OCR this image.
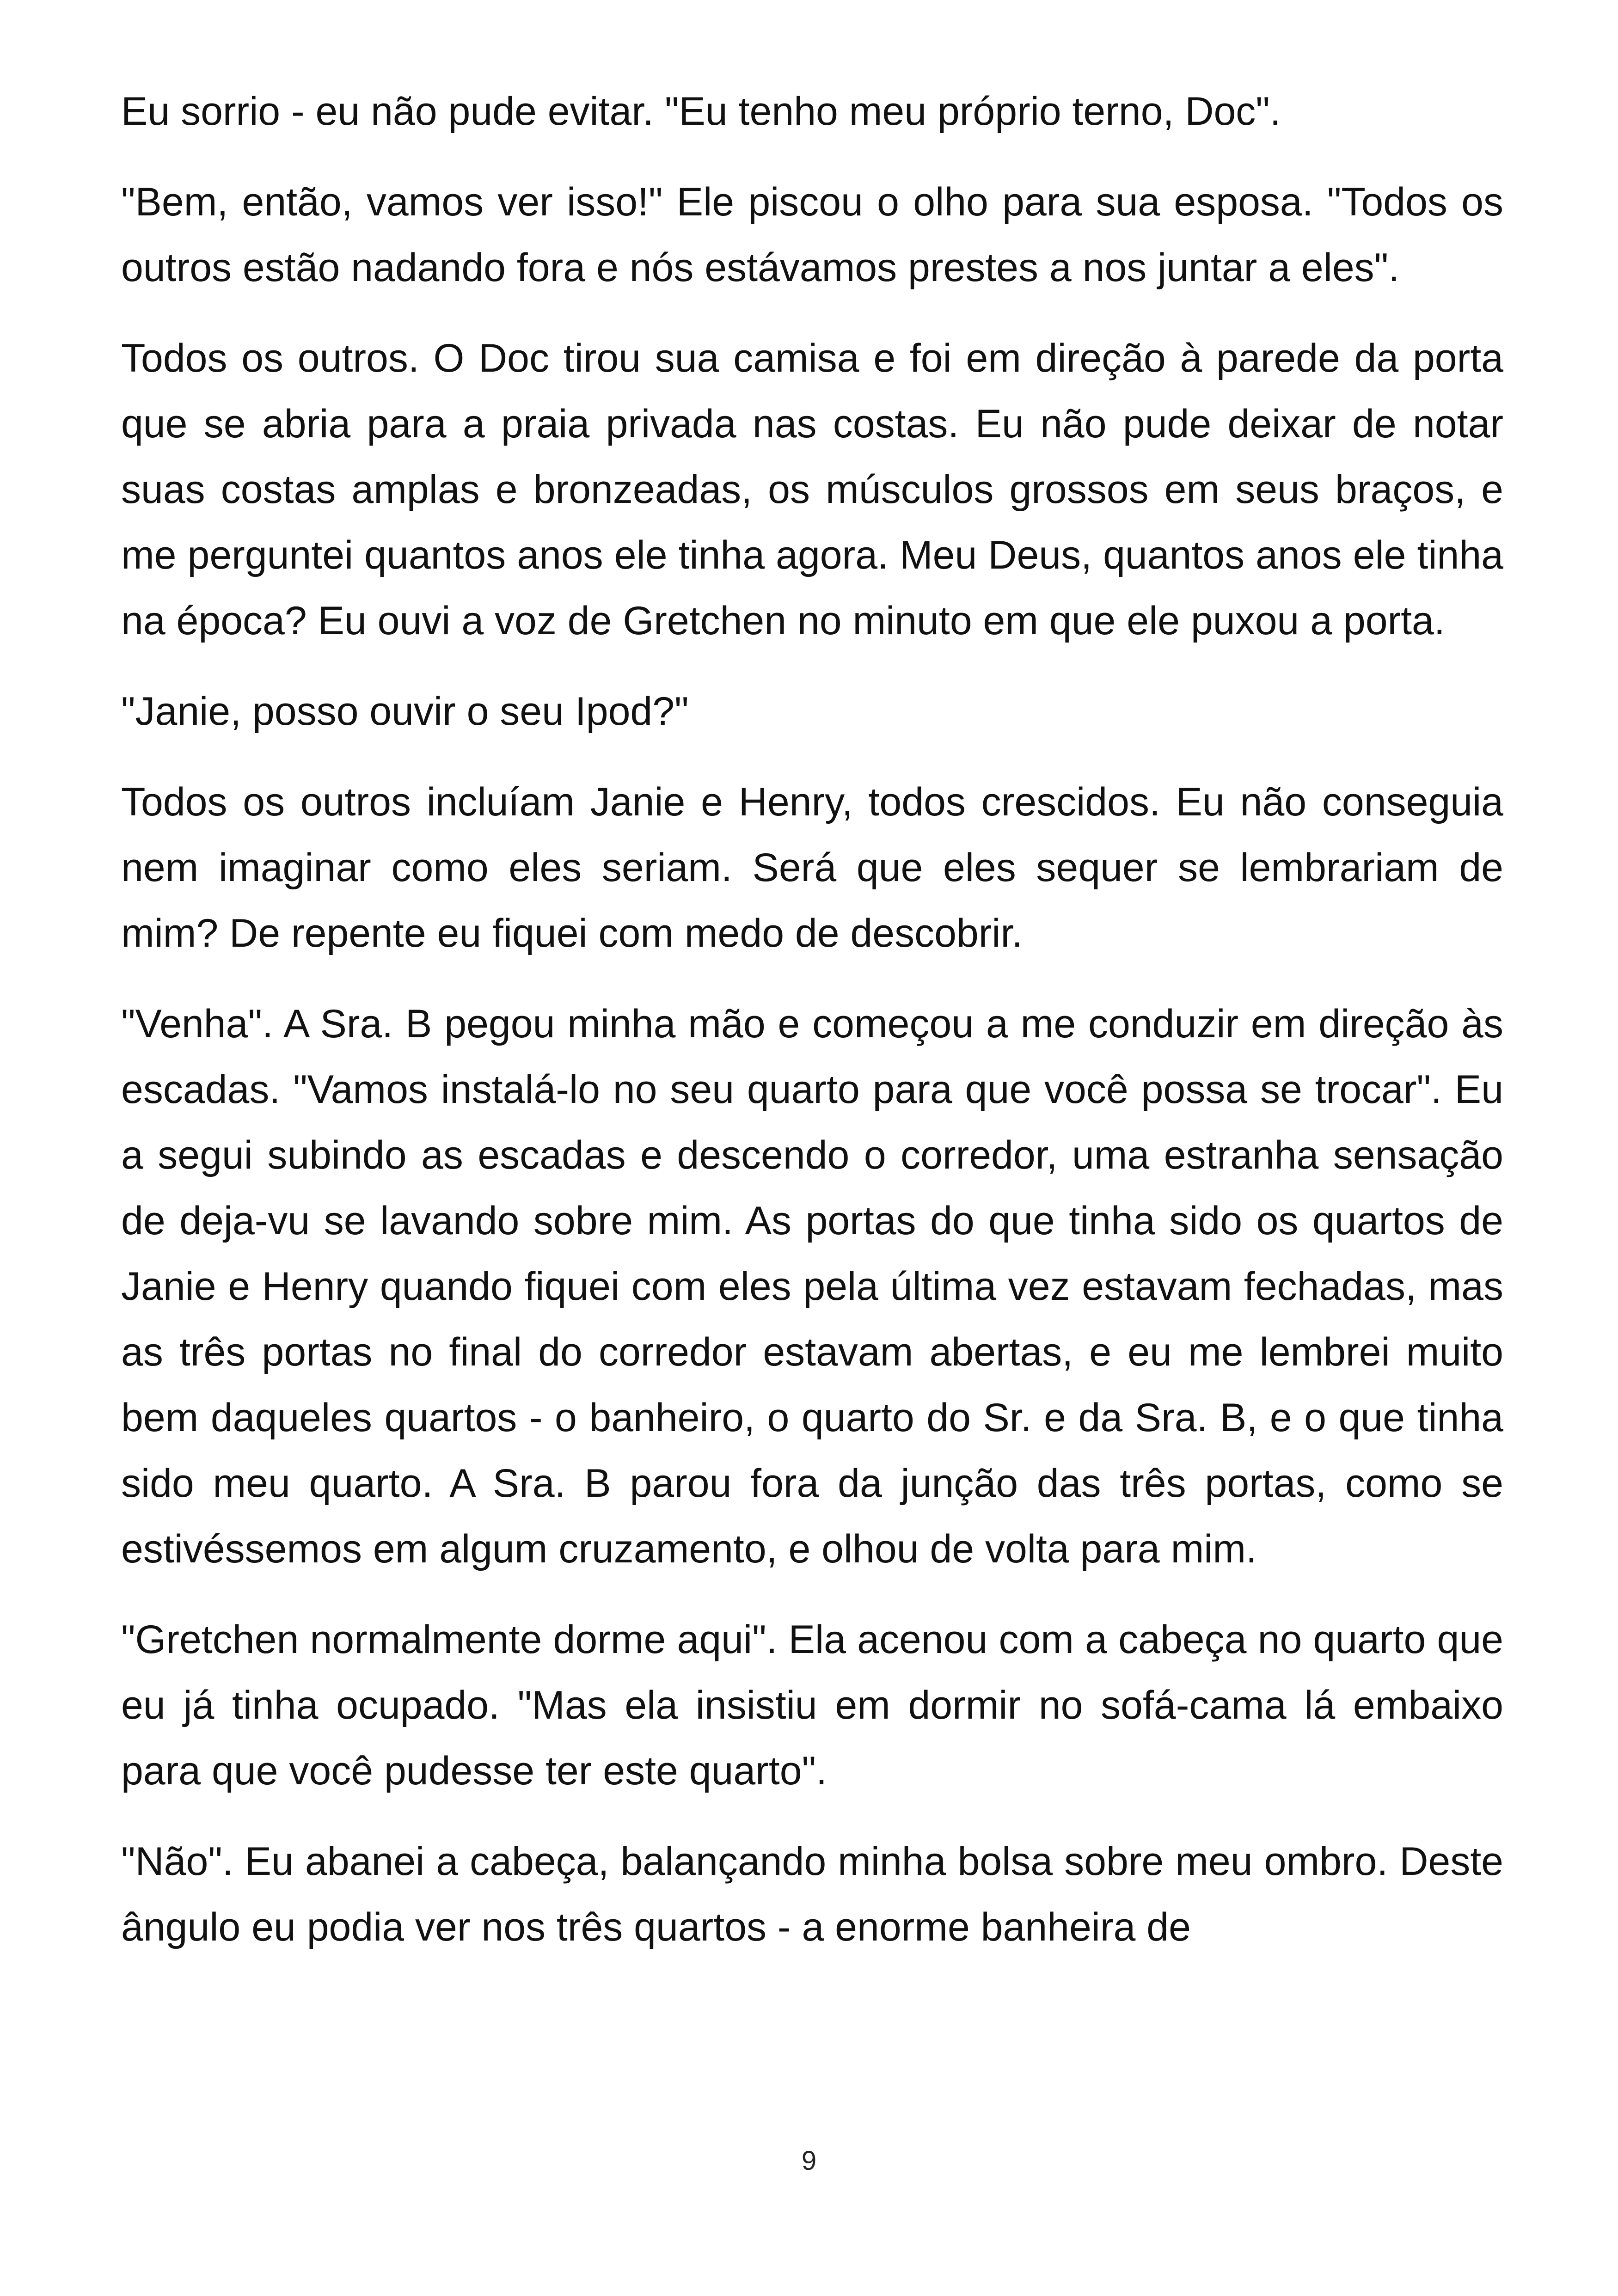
Eu sorrio - eu não pude evitar. "Eu tenho meu próprio terno, Doc".

"Bem, então, vamos ver isso!" Ele piscou o olho para sua esposa. "Todos os outros estão nadando fora e nós estávamos prestes a nos juntar a eles".

Todos os outros. O Doc tirou sua camisa e foi em direção à parede da porta que se abria para a praia privada nas costas. Eu não pude deixar de notar suas costas amplas e bronzeadas, os músculos grossos em seus braços, e me perguntei quantos anos ele tinha agora. Meu Deus, quantos anos ele tinha na época? Eu ouvi a voz de Gretchen no minuto em que ele puxou a porta.

"Janie, posso ouvir o seu Ipod?"

Todos os outros incluíam Janie e Henry, todos crescidos. Eu não conseguia nem imaginar como eles seriam. Será que eles sequer se lembrariam de mim? De repente eu fiquei com medo de descobrir.

"Venha". A Sra. B pegou minha mão e começou a me conduzir em direção às escadas. "Vamos instalá-lo no seu quarto para que você possa se trocar". Eu a segui subindo as escadas e descendo o corredor, uma estranha sensação de deja-vu se lavando sobre mim. As portas do que tinha sido os quartos de Janie e Henry quando fiquei com eles pela última vez estavam fechadas, mas as três portas no final do corredor estavam abertas, e eu me lembrei muito bem daqueles quartos - o banheiro, o quarto do Sr. e da Sra. B, e o que tinha sido meu quarto. A Sra. B parou fora da junção das três portas, como se estivéssemos em algum cruzamento, e olhou de volta para mim.

"Gretchen normalmente dorme aqui". Ela acenou com a cabeça no quarto que eu já tinha ocupado. "Mas ela insistiu em dormir no sofá-cama lá embaixo para que você pudesse ter este quarto".

"Não". Eu abanei a cabeça, balançando minha bolsa sobre meu ombro. Deste ângulo eu podia ver nos três quartos - a enorme banheira de

9
